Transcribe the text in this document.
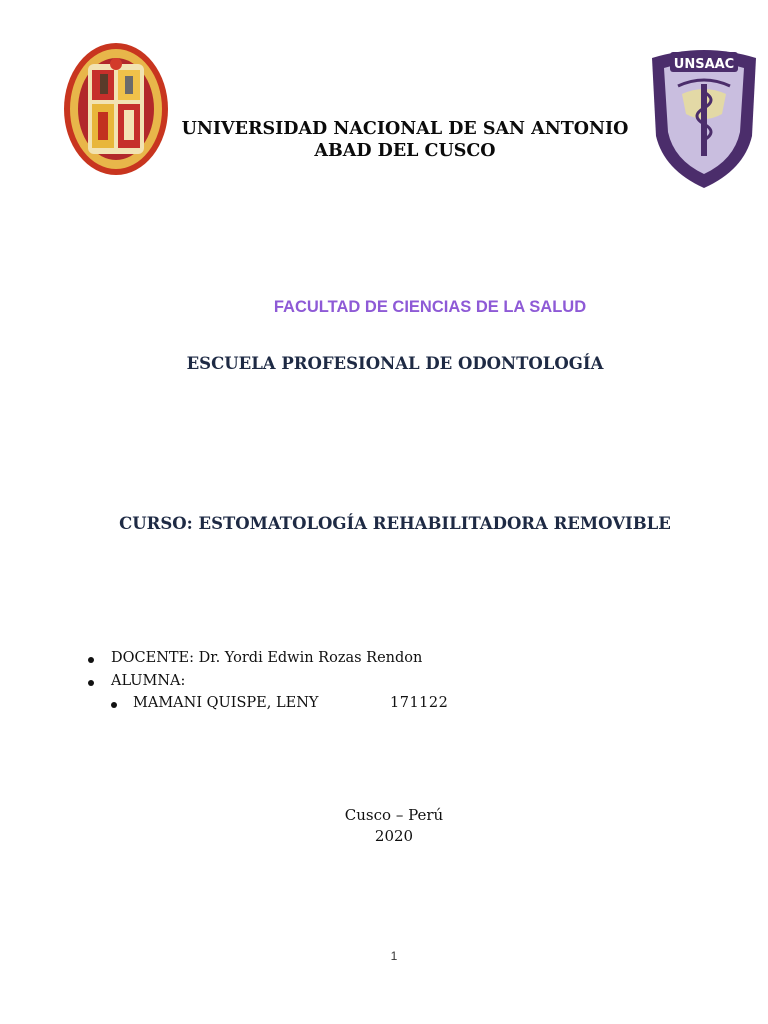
UNSAAC
UNIVERSIDAD NACIONAL DE SAN ANTONIO
ABAD DEL CUSCO
FACULTAD DE CIENCIAS DE LA SALUD
ESCUELA PROFESIONAL DE ODONTOLOGÍA
CURSO: ESTOMATOLOGÍA REHABILITADORA REMOVIBLE
DOCENTE: Dr. Yordi Edwin Rozas Rendon
ALUMNA:
MAMANI QUISPE, LENY	171122
Cusco – Perú
2020
1
